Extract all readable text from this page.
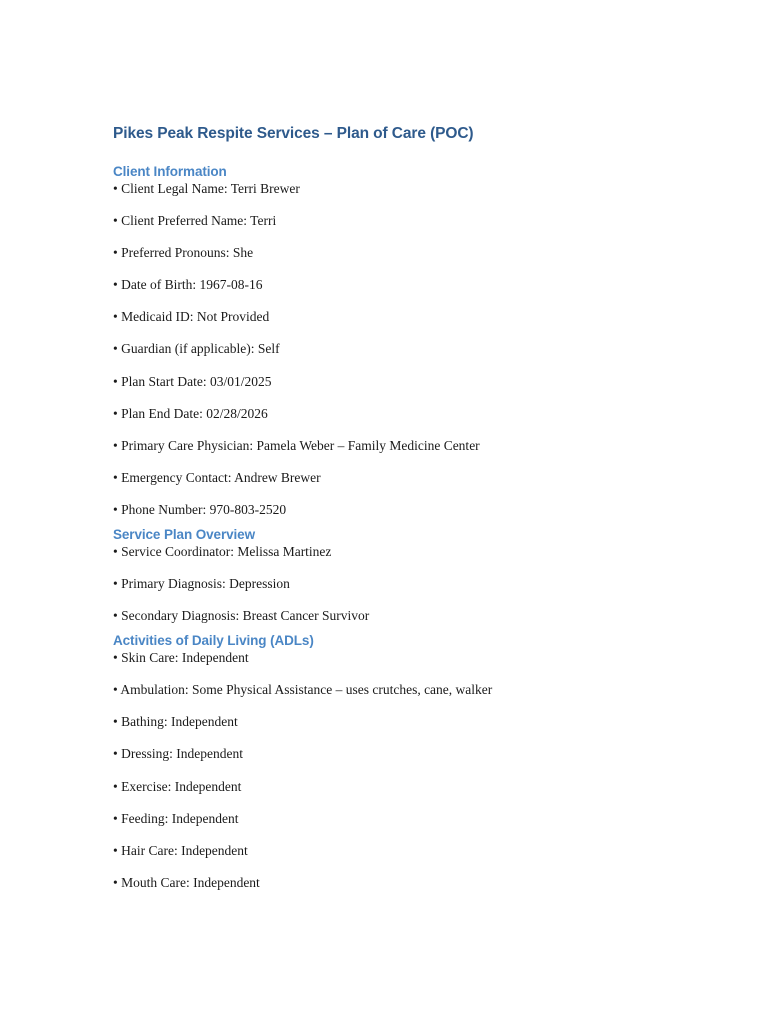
Pikes Peak Respite Services – Plan of Care (POC)
Client Information
• Client Legal Name: Terri Brewer
• Client Preferred Name: Terri
• Preferred Pronouns: She
• Date of Birth: 1967-08-16
• Medicaid ID: Not Provided
• Guardian (if applicable): Self
• Plan Start Date: 03/01/2025
• Plan End Date: 02/28/2026
• Primary Care Physician: Pamela Weber – Family Medicine Center
• Emergency Contact: Andrew Brewer
• Phone Number: 970-803-2520
Service Plan Overview
• Service Coordinator: Melissa Martinez
• Primary Diagnosis: Depression
• Secondary Diagnosis: Breast Cancer Survivor
Activities of Daily Living (ADLs)
• Skin Care: Independent
• Ambulation: Some Physical Assistance – uses crutches, cane, walker
• Bathing: Independent
• Dressing: Independent
• Exercise: Independent
• Feeding: Independent
• Hair Care: Independent
• Mouth Care: Independent
